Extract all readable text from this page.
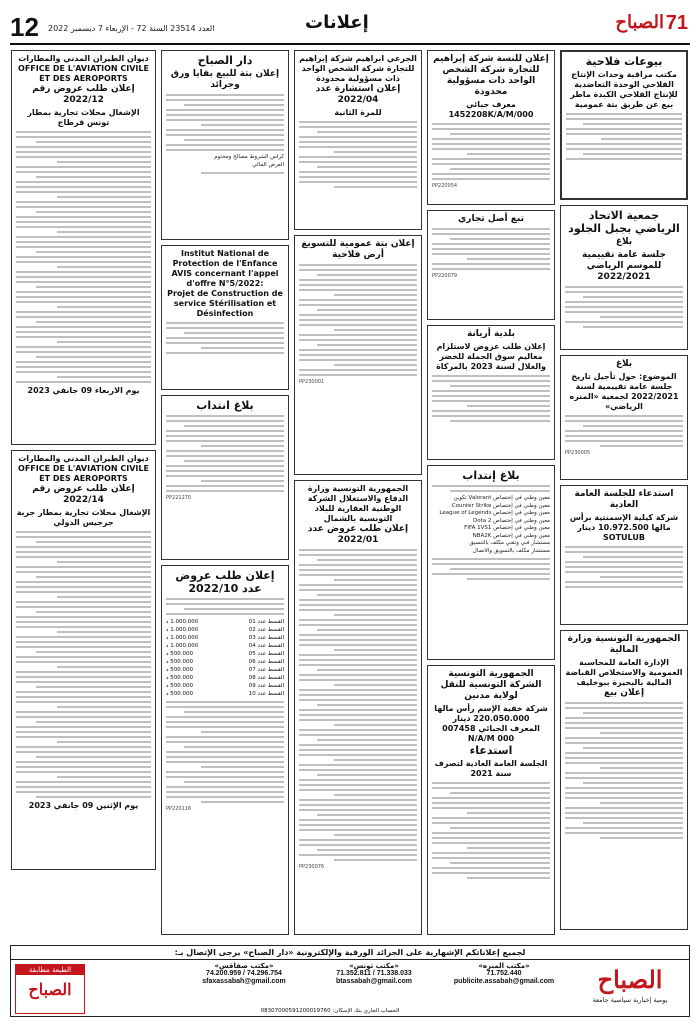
12 العدد 23514 السنة 72 - الإربعاء 7 ديسمبر 2022	إعلانات	71
الصباح
بيوعات فلاحية
مكتب مراقبة وحدات الإنتاج الفلاحي الوحدة التعاضدية للإنتاج الفلاحي الكبدة ماطر
بيع عن طريق بتة عمومية
جمعية الاتحاد الرياضي بجبل الجلود
بلاغ
جلسة عامة تقييمية للموسم الرياضي 2022/2021
بلاغ
الموضوع: حول تأجيل تاريخ جلسة عامة تقييمية لسنة 2022/2021 لجمعية «المنزه الرياضي»
PP230005
استدعاء للجلسة العامة العادية
شركة كيلية الإسمنتية برأس مالها 10.972.500 دينار
SOTULUB
الجمهورية التونسية وزارة المالية
الإدارة العامة للمحاسبة العمومية والاستخلاص القباضة المالية بالبحيرة ببوخليف
إعلان بيع
إعلان للنسة شركة إبراهيم للتجارة شركة الشخص الواحد ذات مسؤولية محدودة
معرف جبائي 1452208K/A/M/000
PP220054
تبع أصل تجاري
PP220079
بلدية أريانة
إعلان طلب عروض لاستلزام معاليم سوق الجملة للخضر والغلال لسنة 2023 بالمركاة
بلاغ إنتداب

معين وطني في إختصاص Valorant تكوين

معين وطني في إختصاص Counter Strike

معين وطني في إختصاص League of Legends

معين وطني في إختصاص Dota 2

معين وطني في إختصاص FIFA 1VS1

معين وطني في إختصاص NBA2K

مستشار فني وتقني مكلف بالتنسيق

مستشار مكلف بالتسويق والاتصال

الجمهورية التونسية الشركة التونسية للنقل لولاية مدنين
شركة خفية الإسم رأس مالها 220.050.000 دينار
المعرف الجبائي 007458 N/A/M 000
استدعاء
الجلسة العامة العادية لتصرف سنة 2021
الجرعي ابراهيم شركة إبراهيم للتجارة شركة الشخص الواحد ذات مسؤولية محدودة
إعلان استشارة عدد 2022/04
للمرة الثانية
إعلان بتة عمومية للتسويغ أرض فلاحية
PP230001
الجمهورية التونسية وزارة الدفاع والاستغلال الشركة الوطنية العقارية للبلاد التونسية بالشمال
إعلان طلب عروض عدد 2022/01
PP230076
دار الصباح
إعلان بتة للبيع بقايا ورق وجرائد

كراس الشروط مصالح ومختوم

العرض المالي

Institut National de Protection de l'Enfance
AVIS concernant l'appel d'offre N°5/2022:
Projet de Construction de service Stérilisation et Désinfection
بلاغ انتداب
PP221270
إعلان طلب عروض عدد 2022/10
القسط عدد 01
1.000.000 د
القسط عدد 02
1.000.000 د
القسط عدد 03
1.000.000 د
القسط عدد 04
1.000.000 د
القسط عدد 05
500.000 د
القسط عدد 06
500.000 د
القسط عدد 07
500.000 د
القسط عدد 08
500.000 د
القسط عدد 09
500.000 د
القسط عدد 10
500.000 د
PP220116
ديوان الطيران المدني والمطارات OFFICE DE L'AVIATION CIVILE ET DES AEROPORTS
إعلان طلب عروض رقم 2022/12
الإشغال محلات تجارية بمطار تونس قرطاج
يوم الاربعاء 09 جانفي 2023
ديوان الطيران المدني والمطارات OFFICE DE L'AVIATION CIVILE ET DES AEROPORTS
إعلان طلب عروض رقم 2022/14
الإشغال محلات تجارية بمطار جربة جرجيس الدولي
يوم الإثنين 09 جانفي 2023
لجميع إعلاناتكم الإشهارية على الجرائد الورقية والإلكترونية «دار الصباح» يرجى الإتصال بـ:
الصباح
يومية إخبارية سياسية جامعة
«مكتب المنزه»
71.752.440
publicite.assabah@gmail.com
«مكتب تونس»
71.352.811 / 71.338.033
btassabah@gmail.com
«مكتب صفاقس»
74.200.959 / 74.296.754
sfaxassabah@gmail.com
الطبعة مطابقة
الصباح
الحساب الجاري بنك الإسكان: 08307000591200019760
